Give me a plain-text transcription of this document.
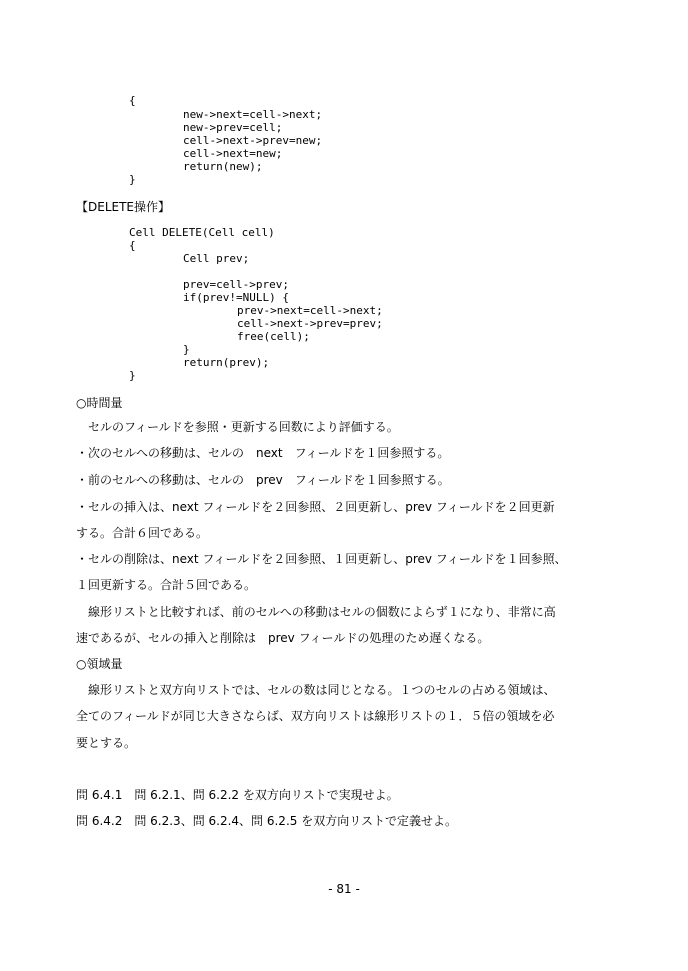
{
new->next=cell->next;
new->prev=cell;
cell->next->prev=new;
cell->next=new;
return(new);
}
【DELETE操作】
Cell DELETE(Cell cell)
{
Cell prev;
prev=cell->prev;
if(prev!=NULL) {
prev->next=cell->next;
cell->next->prev=prev;
free(cell);
}
return(prev);
}
○時間量
　セルのフィールドを参照・更新する回数により評価する。
・次のセルへの移動は、セルの　next　フィールドを１回参照する。
・前のセルへの移動は、セルの　prev　フィールドを１回参照する。
・セルの挿入は、next フィールドを２回参照、２回更新し、prev フィールドを２回更新
する。合計６回である。
・セルの削除は、next フィールドを２回参照、１回更新し、prev フィールドを１回参照、
１回更新する。合計５回である。
　線形リストと比較すれば、前のセルへの移動はセルの個数によらず１になり、非常に高
速であるが、セルの挿入と削除は　prev フィールドの処理のため遅くなる。
○領域量
　線形リストと双方向リストでは、セルの数は同じとなる。１つのセルの占める領域は、
全てのフィールドが同じ大きさならば、双方向リストは線形リストの１．５倍の領域を必
要とする。
問 6.4.1　問 6.2.1、問 6.2.2 を双方向リストで実現せよ。
問 6.4.2　問 6.2.3、問 6.2.4、問 6.2.5 を双方向リストで定義せよ。
- 81 -
